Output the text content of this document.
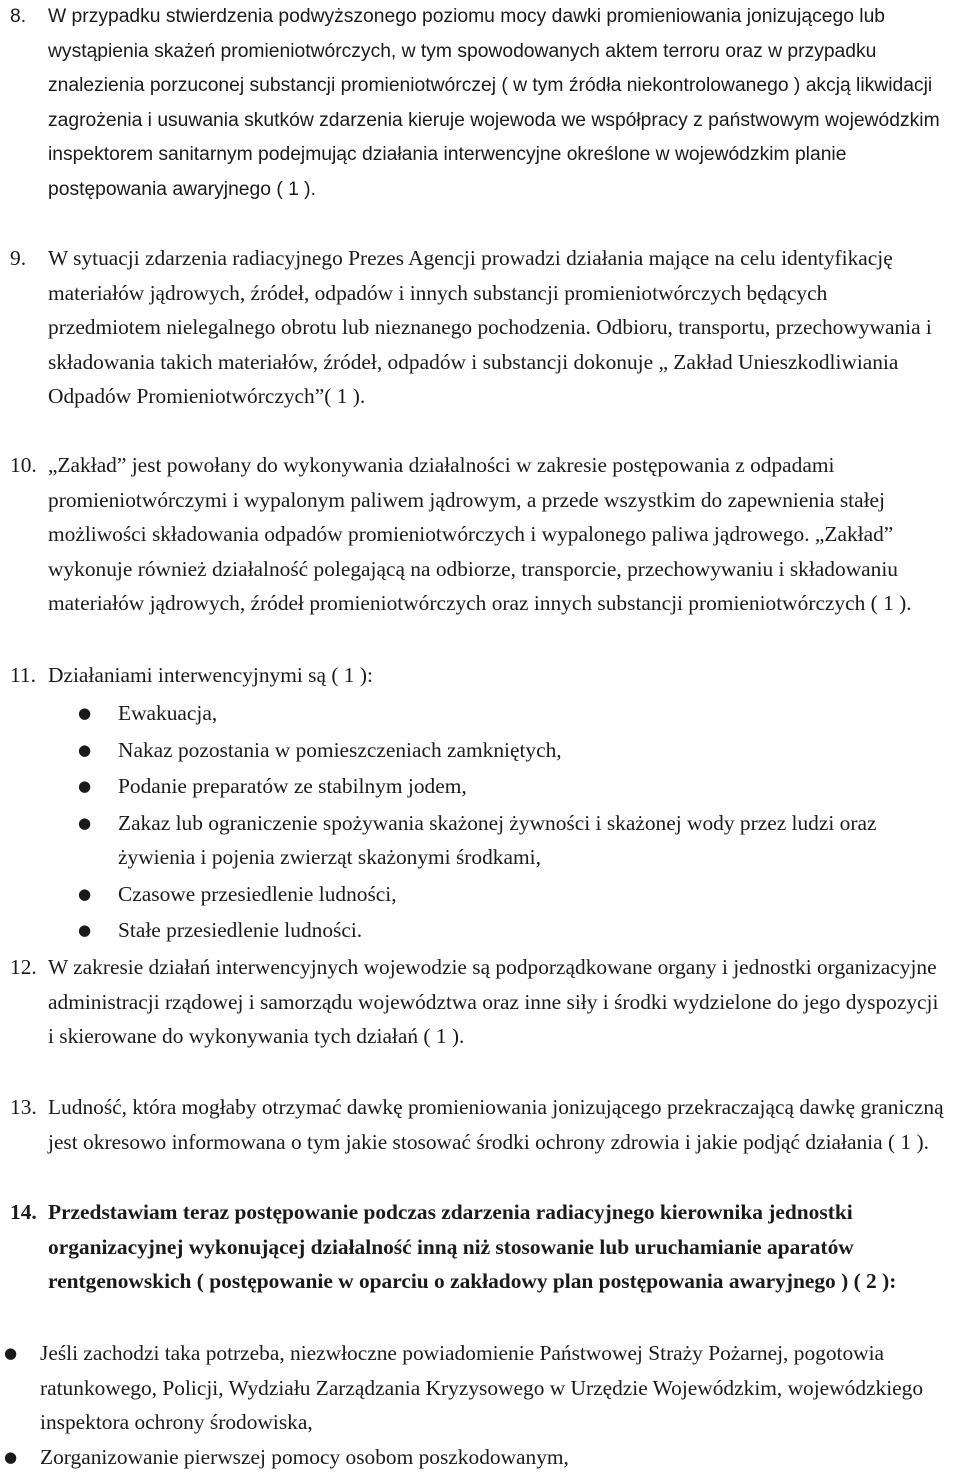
8. W przypadku stwierdzenia podwyższonego poziomu mocy dawki promieniowania jonizującego lub wystąpienia skażeń promieniotwórczych, w tym spowodowanych aktem terroru oraz w przypadku znalezienia porzuconej substancji promieniotwórczej ( w tym źródła niekontrolowanego ) akcją likwidacji zagrożenia i usuwania skutków zdarzenia kieruje wojewoda we współpracy z państwowym wojewódzkim inspektorem sanitarnym podejmując działania interwencyjne określone w wojewódzkim planie postępowania awaryjnego ( 1 ).

9. W sytuacji zdarzenia radiacyjnego Prezes Agencji prowadzi działania mające na celu identyfikację materiałów jądrowych, źródeł, odpadów i innych substancji promieniotwórczych będących przedmiotem nielegalnego obrotu lub nieznanego pochodzenia. Odbioru, transportu, przechowywania i składowania takich materiałów, źródeł, odpadów i substancji dokonuje „ Zakład Unieszkodliwiania Odpadów Promieniotwórczych”( 1 ).

10. „Zakład” jest powołany do wykonywania działalności w zakresie postępowania z odpadami promieniotwórczymi i wypalonym paliwem jądrowym, a przede wszystkim do zapewnienia stałej możliwości składowania odpadów promieniotwórczych i wypalonego paliwa jądrowego. „Zakład” wykonuje również działalność polegającą na odbiorze, transporcie, przechowywaniu i składowaniu materiałów jądrowych, źródeł promieniotwórczych oraz innych substancji promieniotwórczych ( 1 ).

11. Działaniami interwencyjnymi są ( 1 ):

●	Ewakuacja,
●	Nakaz pozostania w pomieszczeniach zamkniętych,
●	Podanie preparatów ze stabilnym jodem,
●	Zakaz lub ograniczenie spożywania skażonej żywności i skażonej wody przez ludzi oraz żywienia i pojenia zwierząt skażonymi środkami,
●	Czasowe przesiedlenie ludności,
●	Stałe przesiedlenie ludności.
12. W zakresie działań interwencyjnych wojewodzie są podporządkowane organy i jednostki organizacyjne administracji rządowej i samorządu województwa oraz inne siły i środki wydzielone do jego dyspozycji i skierowane do wykonywania tych działań ( 1 ).

13. Ludność, która mogłaby otrzymać dawkę promieniowania jonizującego przekraczającą dawkę graniczną jest okresowo informowana o tym jakie stosować środki ochrony zdrowia i jakie podjąć działania ( 1 ).

14. Przedstawiam teraz postępowanie podczas zdarzenia radiacyjnego kierownika jednostki organizacyjnej wykonującej działalność inną niż stosowanie lub uruchamianie aparatów rentgenowskich ( postępowanie w oparciu o zakładowy plan postępowania awaryjnego ) ( 2 ):

● Jeśli zachodzi taka potrzeba, niezwłoczne powiadomienie Państwowej Straży Pożarnej, pogotowia ratunkowego, Policji, Wydziału Zarządzania Kryzysowego w Urzędzie Wojewódzkim, wojewódzkiego inspektora ochrony środowiska,
● Zorganizowanie pierwszej pomocy osobom poszkodowanym,
